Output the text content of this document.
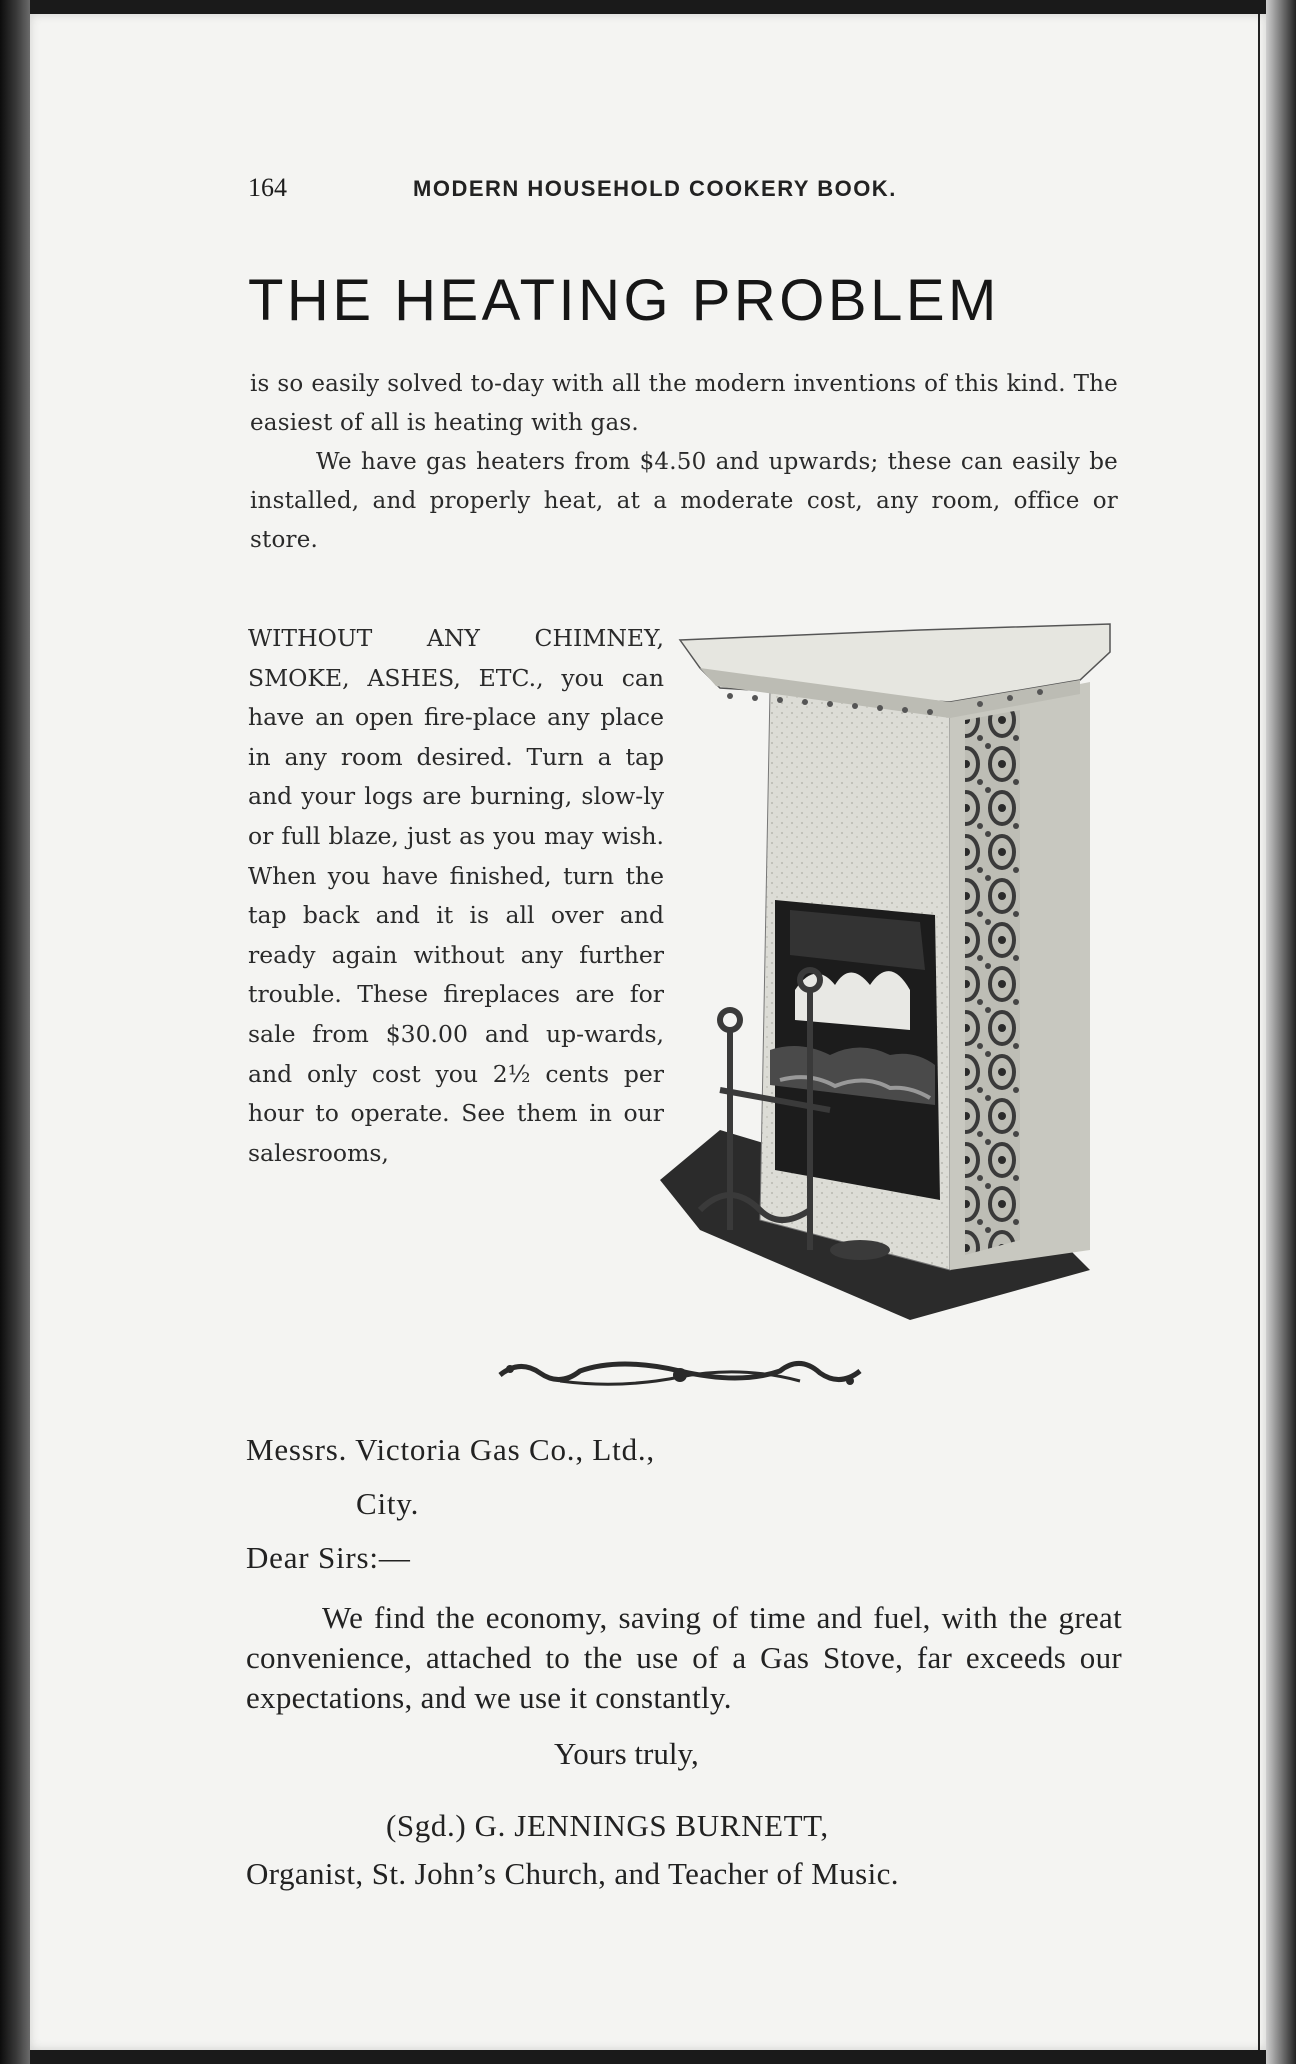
164	MODERN HOUSEHOLD COOKERY BOOK.
THE HEATING PROBLEM

is so easily solved to-day with all the modern inventions of this kind. The easiest of all is heating with gas.

We have gas heaters from $4.50 and upwards; these can easily be installed, and properly heat, at a moderate cost, any room, office or store.

WITHOUT ANY CHIMNEY, SMOKE, ASHES, ETC., you can have an open fire-place any place in any room desired. Turn a tap and your logs are burning, slow-ly or full blaze, just as you may wish. When you have finished, turn the tap back and it is all over and ready again without any further trouble. These fireplaces are for sale from $30.00 and up-wards, and only cost you 2½ cents per hour to operate. See them in our salesrooms,

Messrs. Victoria Gas Co., Ltd.,
City.
Dear Sirs:—
We find the economy, saving of time and fuel, with the great convenience, attached to the use of a Gas Stove, far exceeds our expectations, and we use it constantly.
Yours truly,
(Sgd.) G. JENNINGS BURNETT,
Organist, St. John’s Church, and Teacher of Music.
